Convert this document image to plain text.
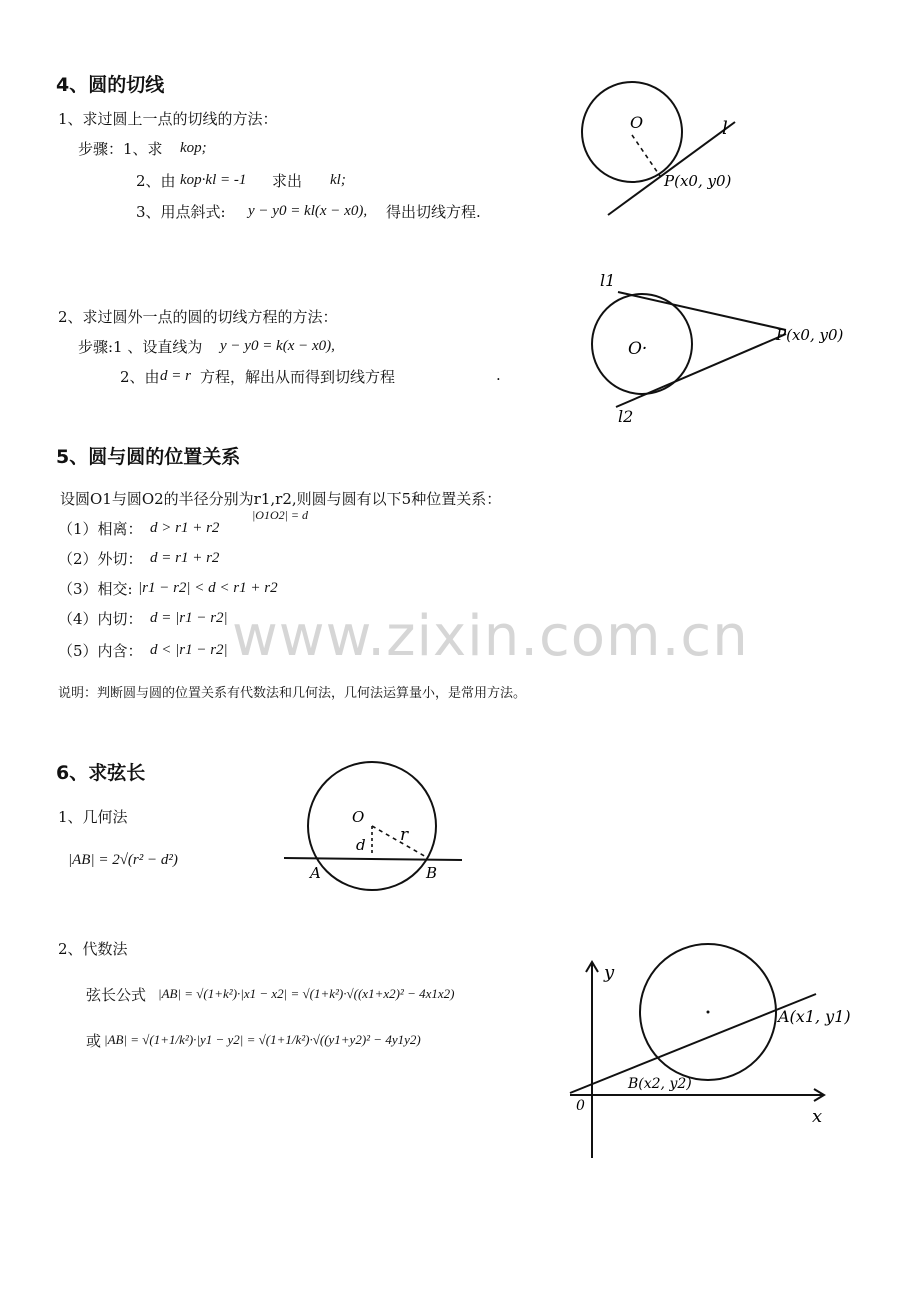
4、圆的切线
1、求过圆上一点的切线的方法：
步骤：1、求 kop;
2、由 kop·kl = -1 求出 kl;
3、用点斜式: y − y0 = kl(x − x0), 得出切线方程.
2、求过圆外一点的圆的切线方程的方法：
步骤:1 、设直线为 y − y0 = k(x − x0),
2、由 d = r 方程，解出从而得到切线方程	.
O
P(x0, y0)
l
O·
P(x0, y0)
l1
l2
5、圆与圆的位置关系
设圆O1与圆O2的半径分别为r1,r2,则圆与圆有以下5种位置关系：
|O1O2| = d
（1）相离： d > r1 + r2
（2）外切： d = r1 + r2
（3）相交: |r1 − r2| < d < r1 + r2
（4）内切： d = |r1 − r2|
（5）内含： d < |r1 − r2| www.zixin.com.cn
说明：判断圆与圆的位置关系有代数法和几何法，几何法运算量小，是常用方法。
6、求弦长
1、几何法
|AB| = 2√(r² − d²)
O
d r
A	B
2、代数法
弦长公式 |AB| = √(1+k²)·|x1 − x2| = √(1+k²)·√((x1+x2)² − 4x1x2)
或 |AB| = √(1+1/k²)·|y1 − y2| = √(1+1/k²)·√((y1+y2)² − 4y1y2)
0	x
y
A(x1, y1)
B(x2, y2)
